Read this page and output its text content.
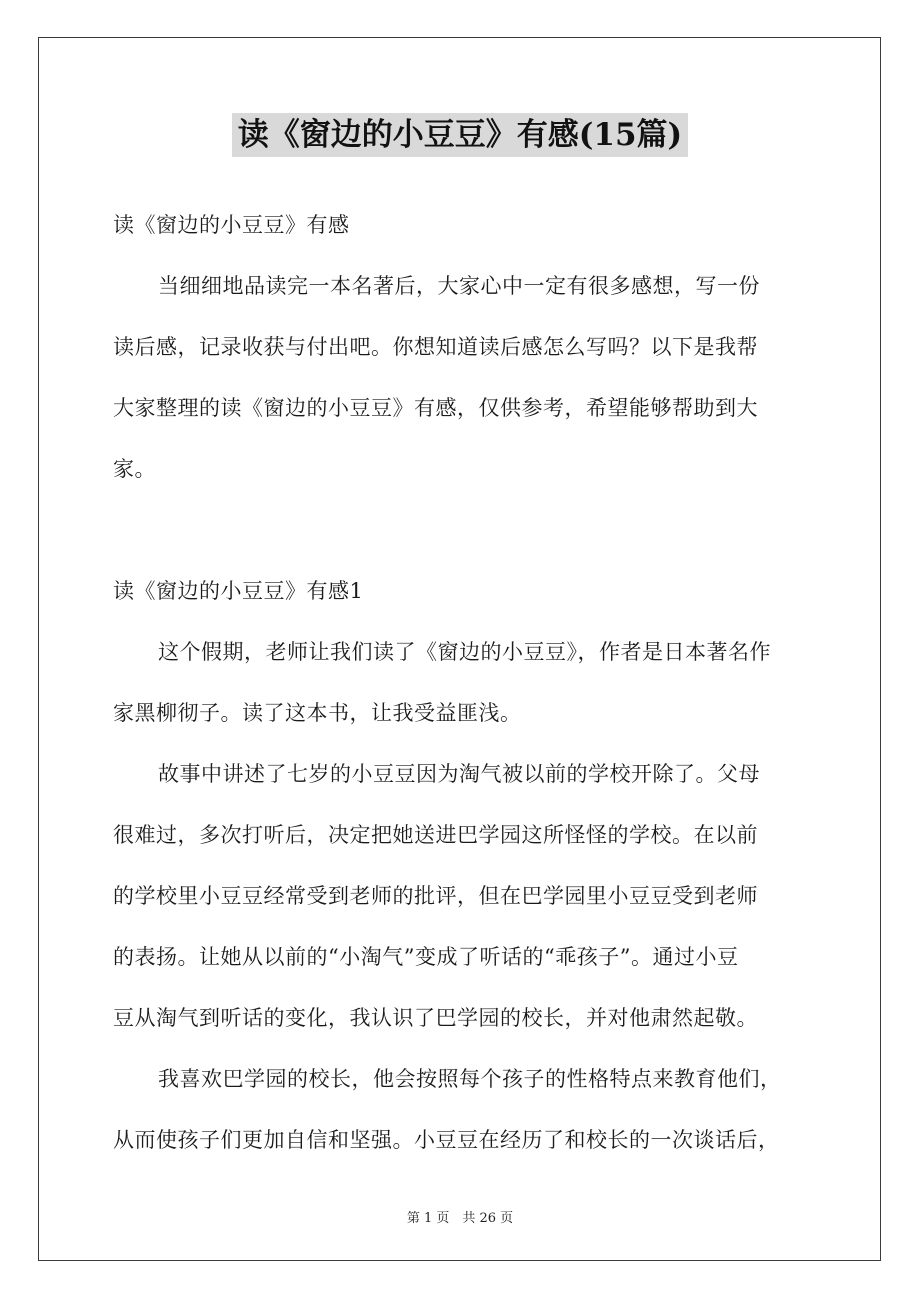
读《窗边的小豆豆》有感(15篇)
读《窗边的小豆豆》有感
当细细地品读完一本名著后，大家心中一定有很多感想，写一份
读后感，记录收获与付出吧。你想知道读后感怎么写吗？以下是我帮
大家整理的读《窗边的小豆豆》有感，仅供参考，希望能够帮助到大
家。
读《窗边的小豆豆》有感1
这个假期，老师让我们读了《窗边的小豆豆》，作者是日本著名作
家黑柳彻子。读了这本书，让我受益匪浅。
故事中讲述了七岁的小豆豆因为淘气被以前的学校开除了。父母
很难过，多次打听后，决定把她送进巴学园这所怪怪的学校。在以前
的学校里小豆豆经常受到老师的批评，但在巴学园里小豆豆受到老师
的表扬。让她从以前的“小淘气”变成了听话的“乖孩子”。通过小豆
豆从淘气到听话的变化，我认识了巴学园的校长，并对他肃然起敬。
我喜欢巴学园的校长，他会按照每个孩子的性格特点来教育他们，
从而使孩子们更加自信和坚强。小豆豆在经历了和校长的一次谈话后，
第 1 页　共 26 页
